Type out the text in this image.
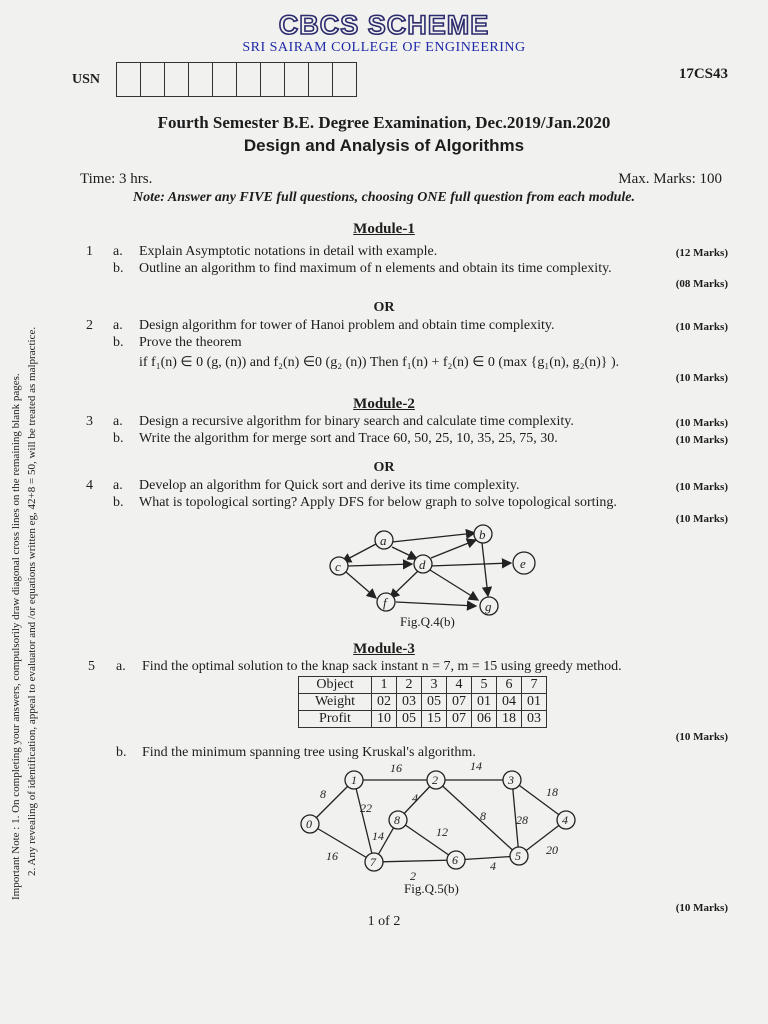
CBCS SCHEME
SRI SAIRAM COLLEGE OF ENGINEERING
USN	17CS43
Fourth Semester B.E. Degree Examination, Dec.2019/Jan.2020
Design and Analysis of Algorithms
Time: 3 hrs.	Max. Marks: 100
Note: Answer any FIVE full questions, choosing ONE full question from each module.
Important Note : 1. On completing your answers, compulsorily draw diagonal cross lines on the remaining blank pages. 2. Any revealing of identification, appeal to evaluator and /or equations written eg, 42+8 = 50, will be treated as malpractice.
Module-1
1 a. Explain Asymptotic notations in detail with example.	(12 Marks)
b. Outline an algorithm to find maximum of n elements and obtain its time complexity.
(08 Marks)
OR
2 a. Design algorithm for tower of Hanoi problem and obtain time complexity.	(10 Marks)
b. Prove the theorem
if f₁(n) ∈ 0 (g, (n)) and f₂(n) ∈0 (g₂ (n)) Then f₁(n) + f₂(n) ∈ 0 (max {g₁(n), g₂(n)} ).
(10 Marks)
Module-2
3 a. Design a recursive algorithm for binary search and calculate time complexity.	(10 Marks)
b. Write the algorithm for merge sort and Trace 60, 50, 25, 10, 35, 25, 75, 30.	(10 Marks)
OR
4 a. Develop an algorithm for Quick sort and derive its time complexity.	(10 Marks)
b. What is topological sorting? Apply DFS for below graph to solve topological sorting.
(10 Marks)
a	b
c	d	e
f	g
Fig.Q.4(b)
Module-3
5 a. Find the optimal solution to the knap sack instant n = 7, m = 15 using greedy method.
Object	1	2	3	4	5	6	7
Weight	02	03	05	07	01	04	01
Profit	10	05	15	07	06	18	03
(10 Marks)
b. Find the minimum spanning tree using Kruskal's algorithm.
0
1	2	3
4
5
6
7
8
16	14
8	4
22
8
18
28
14	12
16
2
4
20
Fig.Q.5(b)
(10 Marks)
1 of 2
